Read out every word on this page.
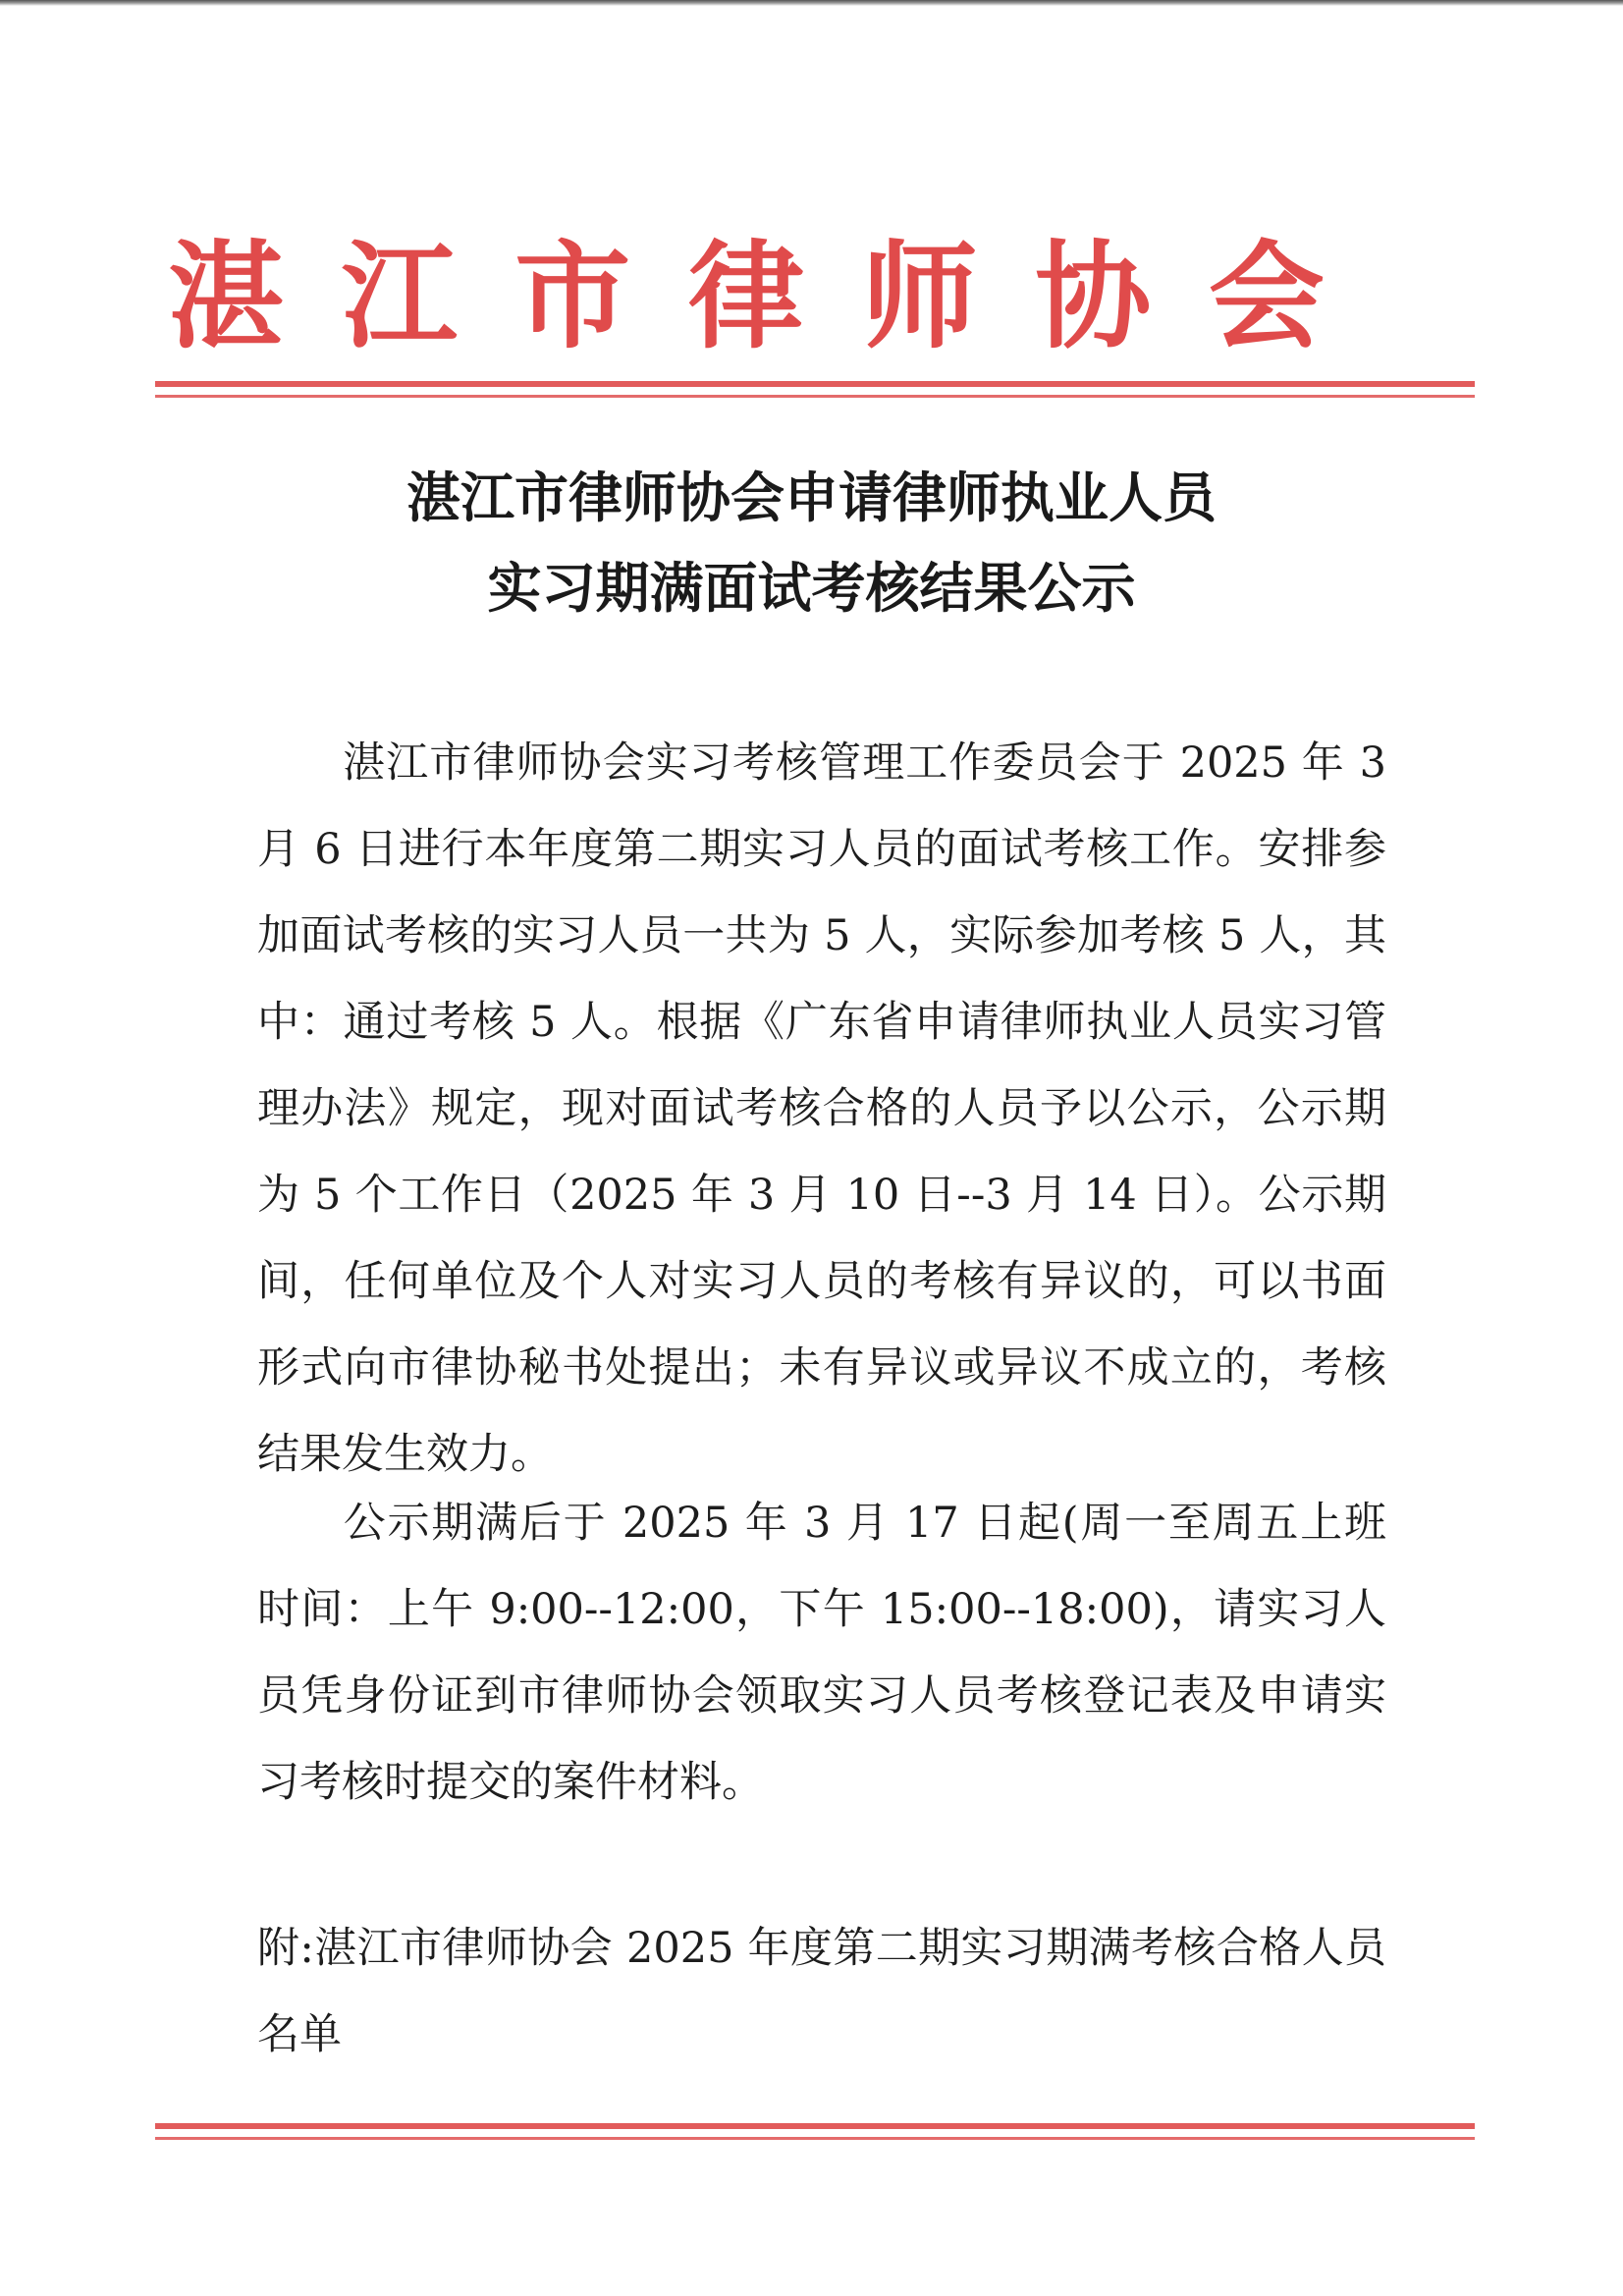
湛 江 市 律 师 协 会
湛江市律师协会申请律师执业人员
实习期满面试考核结果公示

湛江市律师协会实习考核管理工作委员会于 2025 年 3 月 6 日进行本年度第二期实习人员的面试考核工作。安排参加面试考核的实习人员一共为 5 人，实际参加考核 5 人，其中：通过考核 5 人。根据《广东省申请律师执业人员实习管理办法》规定，现对面试考核合格的人员予以公示，公示期为 5 个工作日（2025 年 3 月 10 日--3 月 14 日）。公示期间，任何单位及个人对实习人员的考核有异议的，可以书面形式向市律协秘书处提出；未有异议或异议不成立的，考核结果发生效力。

公示期满后于 2025 年 3 月 17 日起(周一至周五上班时间：上午 9:00--12:00，下午 15:00--18:00)，请实习人员凭身份证到市律师协会领取实习人员考核登记表及申请实习考核时提交的案件材料。

附:湛江市律师协会 2025 年度第二期实习期满考核合格人员名单
